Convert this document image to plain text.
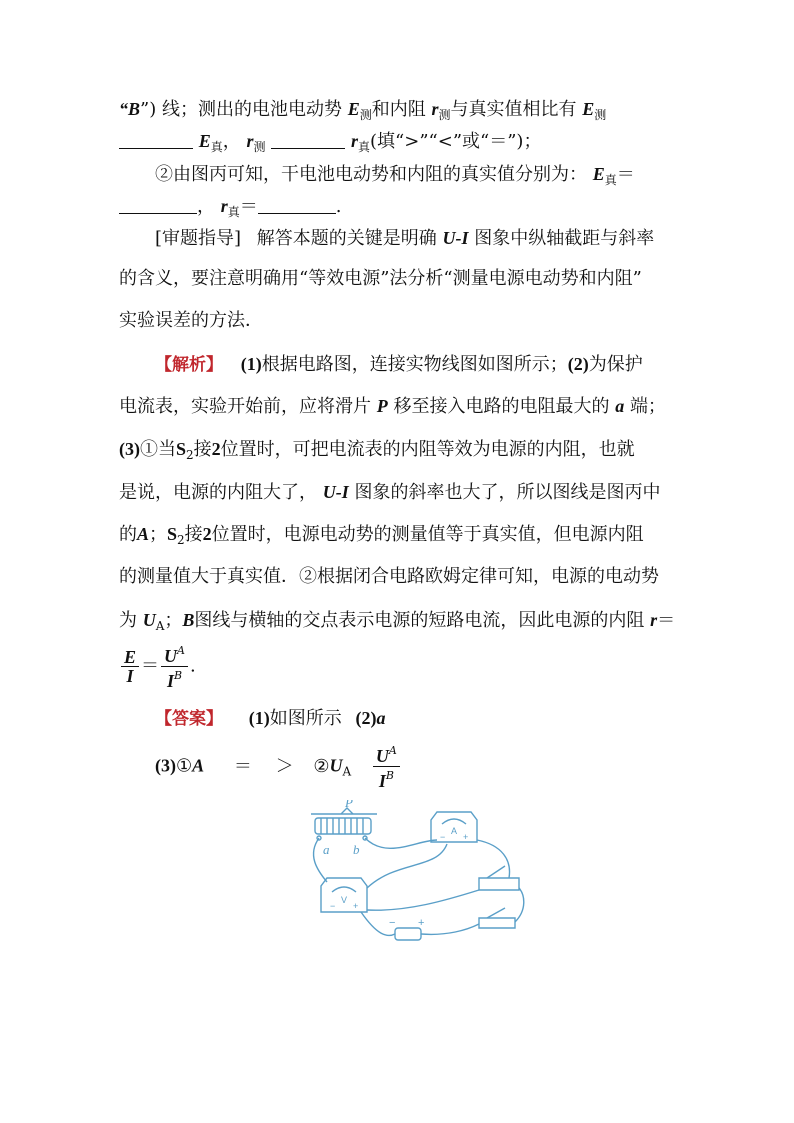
“B”) 线；测出的电池电动势 $E_测$和内阻 $r_测$与真实值相比有 $E_测$
$E_真$， $r_测$	$r_真$(填“>”“<”或“＝”)；
②由图丙可知，干电池电动势和内阻的真实值分别为： $E_真=$
， $r_真=$	.
[审题指导] 解答本题的关键是明确 U-I 图象中纵轴截距与斜率
的含义，要注意明确用“等效电源”法分析“测量电源电动势和内阻”
实验误差的方法．
【解析】 (1)根据电路图，连接实物线图如图所示；(2)为保护
电流表，实验开始前，应将滑片 P 移至接入电路的电阻最大的 a 端；
(3)①当$S_2$接2位置时，可把电流表的内阻等效为电源的内阻，也就
是说，电源的内阻大了， U-I 图象的斜率也大了，所以图线是图丙中
的A；$S_2$接2位置时，电源电动势的测量值等于真实值，但电源内阻
的测量值大于真实值．②根据闭合电路欧姆定律可知，电源的电动势
为 $U_A$；B图线与横轴的交点表示电源的短路电流，因此电源的内阻 r＝
$\frac{E}{I} = \frac{U^A}{I^B}$ .
【答案】 (1)如图所示 (2)a
(3)①A ＝ ＞ $②U_A \frac{U^A}{I^B}$
P
a b
A
V
− +
− +
− +
